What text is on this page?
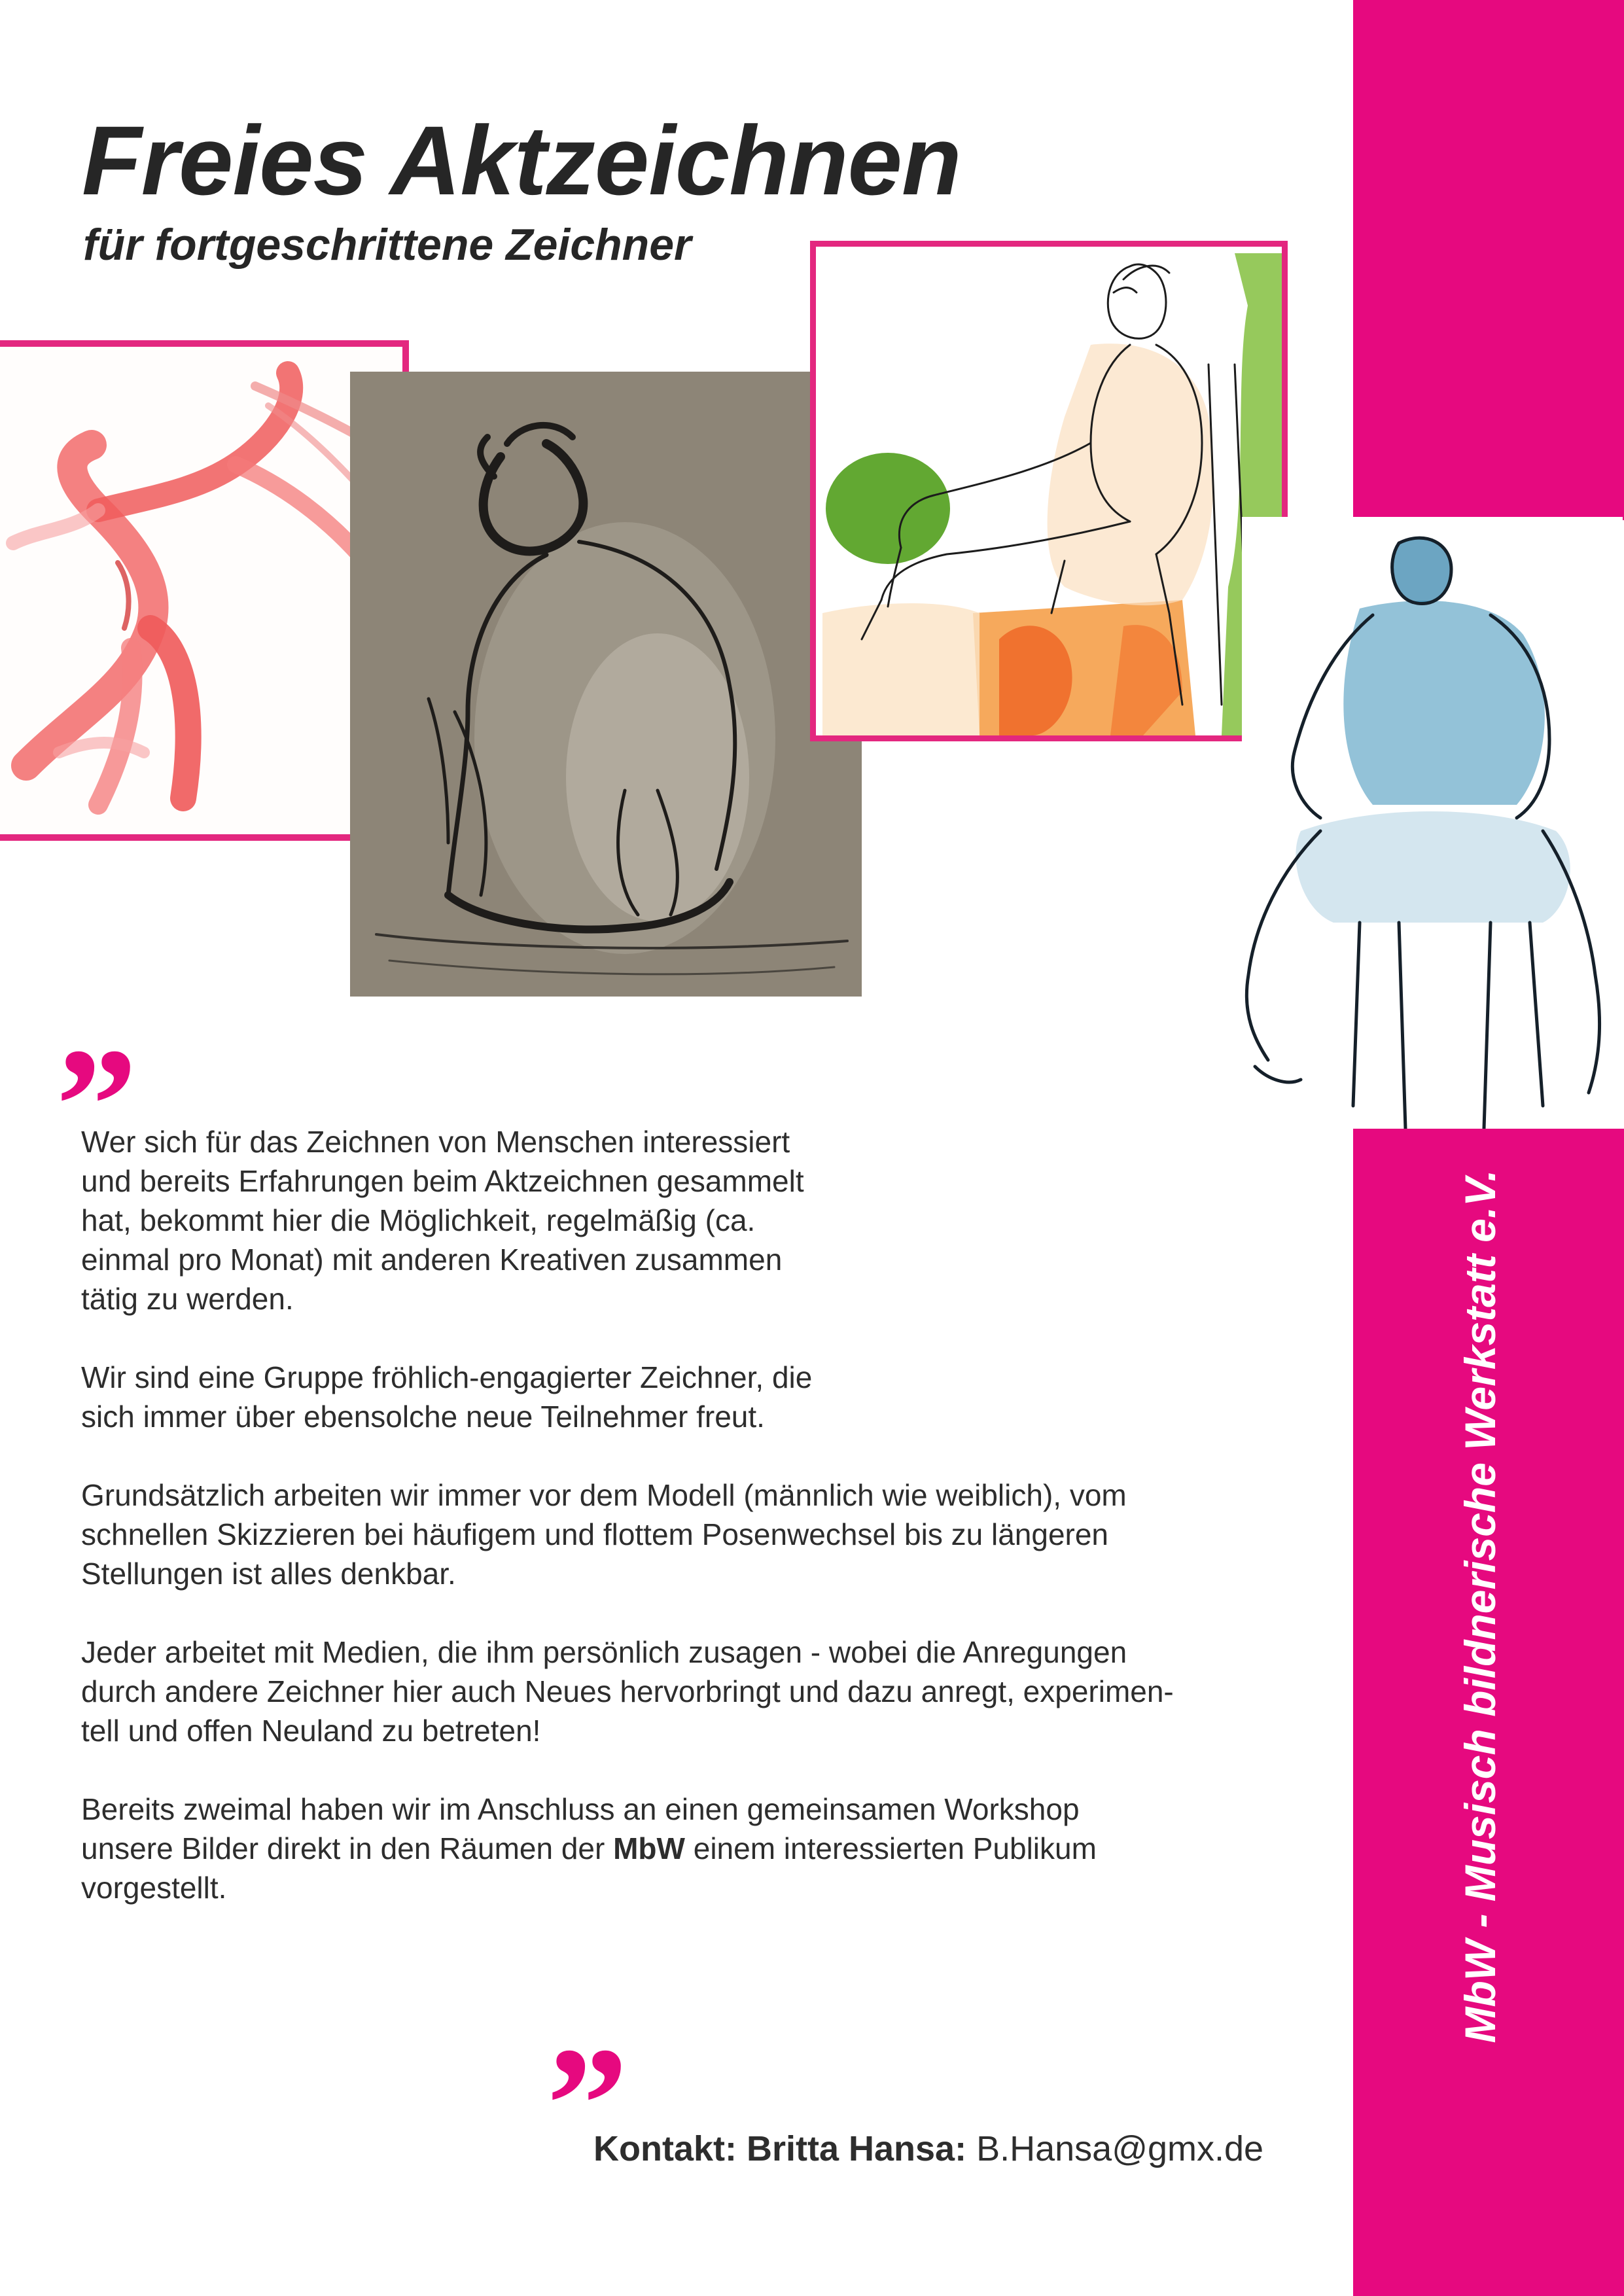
Freies Aktzeichnen
für fortgeschrittene Zeichner
MbW - Musisch bildnerische Werkstatt e.V.
”
”

Wer sich für das Zeichnen von Menschen interessiert
und bereits Erfahrungen beim Aktzeichnen gesammelt
hat, bekommt hier die Möglichkeit, regelmäßig (ca.
einmal pro Monat) mit anderen Kreativen zusammen
tätig zu werden.

Wir sind eine Gruppe fröhlich-engagierter Zeichner, die
sich immer über ebensolche neue Teilnehmer freut.

Grundsätzlich arbeiten wir immer vor dem Modell (männlich wie weiblich), vom
schnellen Skizzieren bei häufigem und flottem Posenwechsel bis zu längeren
Stellungen ist alles denkbar.

Jeder arbeitet mit Medien, die ihm persönlich zusagen - wobei die Anregungen
durch andere Zeichner hier auch Neues hervorbringt und dazu anregt, experimen-
tell und offen Neuland zu betreten!

Bereits zweimal haben wir im Anschluss an einen gemeinsamen Workshop
unsere Bilder direkt in den Räumen der MbW einem interessierten Publikum
vorgestellt.

Kontakt: Britta Hansa: B.Hansa@gmx.de
